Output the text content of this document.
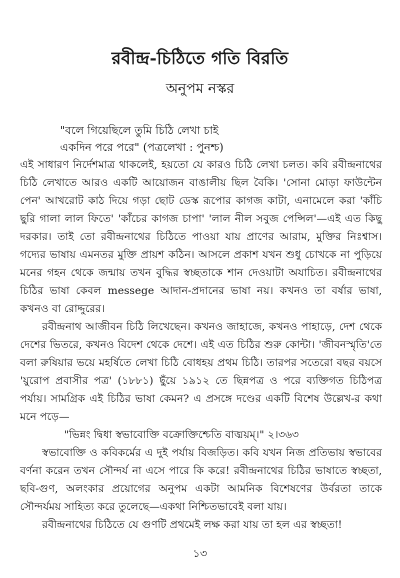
রবীন্দ্র-চিঠিতে গতি বিরতি
অনুপম নস্কর
"বলে গিয়েছিলে তুমি চিঠি লেখা চাই
একদিন পরে পরে" (পত্রলেখা : পুনশ্চ)

এই সাধারণ নির্দেশমাত্র থাকলেই, হয়তো যে কারও চিঠি লেখা চলত। কবি রবীন্দ্রনাথের চিঠি লেখাতে আরও একটি আয়োজন বাঙালীয় ছিল বৈকি। 'সোনা মোড়া ফাউন্টেন পেন' আখরোট কাঠ দিয়ে গড়া ছোট ডেস্ক রূপোর কাগজ কাটা, এনামেলে করা 'কাঁচি ছুরি গালা লাল ফিতে' 'কাঁচের কাগজ চাপা' 'লাল নীল সবুজ পেন্সিল'—এই এত কিছু দরকার। তাই তো রবীন্দ্রনাথের চিঠিতে পাওয়া যায় প্রাণের আরাম, মুক্তির নিঃশ্বাস। গদ্যের ভাষায় এমনতর মুক্তি প্রায়শ কঠিন। আসলে প্রকাশ যখন শুধু চোখকে না পুড়িয়ে মনের গহন থেকে জন্মায় তখন বুদ্ধির স্বচ্ছতাকে শান দেওয়াটা অযাচিত। রবীন্দ্রনাথের চিঠির ভাষা কেবল messege আদান-প্রদানের ভাষা নয়। কখনও তা বর্ষার ভাষা, কখনও বা রোদ্দুরের।

রবীন্দ্রনাথ আজীবন চিঠি লিখেছেন। কখনও জাহাজে, কখনও পাহাড়ে, দেশ থেকে দেশের ভিতরে, কখনও বিদেশ থেকে দেশে। এই এত চিঠির শুরু কোন্টা। 'জীবনস্মৃতি'তে বলা রুষিয়ার ভয়ে মহর্ষিতে লেখা চিঠি বোধহয় প্রথম চিঠি। তারপর সতেরো বছর বয়সে 'য়ুরোপ প্রবাসীর পত্র' (১৮৮১) ছুঁয়ে ১৯১২ তে ছিন্নপত্র ও পরে ব্যক্তিগত চিঠিপত্র পর্যায়। সামগ্রিক এই চিঠির ভাষা কেমন? এ প্রসঙ্গে দণ্ডের একটি বিশেষ উল্লেখ-র কথা মনে পড়ে—

"ভিন্নং দ্বিধা স্বভাবোক্তি বক্রোক্তিশ্চেতি বাঙ্ময়ম্।" ২।৩৬৩

স্বভাবোক্তি ও কবিকর্মের এ দুই পর্যায় বিজড়িত। কবি যখন নিজ প্রতিভায় স্বভাবের বর্ণনা করেন তখন সৌন্দর্য না এসে পারে কি করে! রবীন্দ্রনাথের চিঠির ভাষাতে স্বচ্ছতা, ছবি-গুণ, অলংকার প্রয়োগের অনুপম একটা আমনিক বিশেষণের উর্বরতা তাকে সৌন্দর্যময় সাহিত্য করে তুলেছে—একথা নিশ্চিতভাবেই বলা যায়।

রবীন্দ্রনাথের চিঠিতে যে গুণটি প্রথমেই লক্ষ করা যায় তা হল এর স্বচ্ছতা!

১৩
